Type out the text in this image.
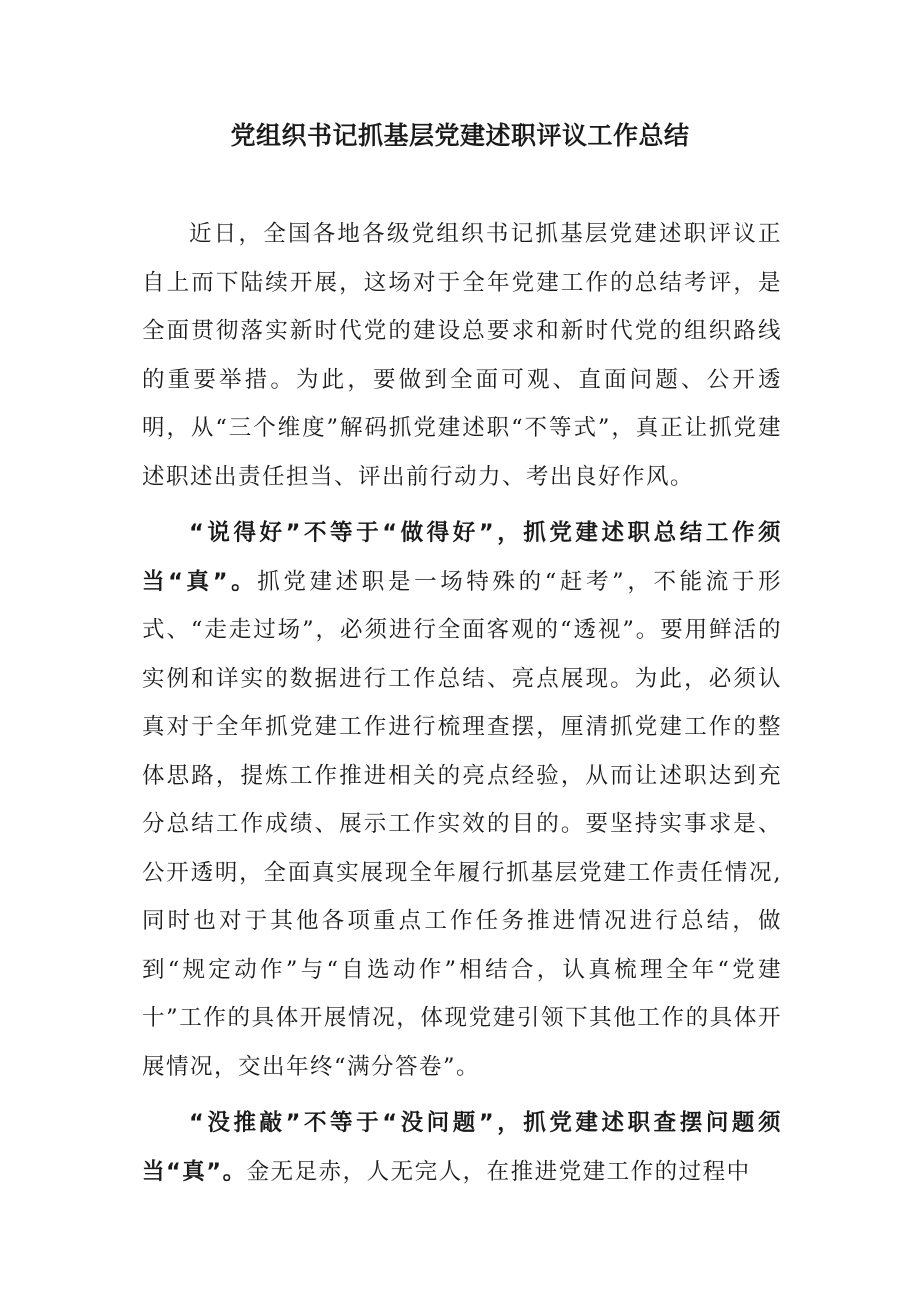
党组织书记抓基层党建述职评议工作总结

近日，全国各地各级党组织书记抓基层党建述职评议正自上而下陆续开展，这场对于全年党建工作的总结考评，是全面贯彻落实新时代党的建设总要求和新时代党的组织路线的重要举措。为此，要做到全面可观、直面问题、公开透明，从“三个维度”解码抓党建述职“不等式”，真正让抓党建述职述出责任担当、评出前行动力、考出良好作风。

“说得好”不等于“做得好”，抓党建述职总结工作须当“真”。抓党建述职是一场特殊的“赶考”，不能流于形式、“走走过场”，必须进行全面客观的“透视”。要用鲜活的实例和详实的数据进行工作总结、亮点展现。为此，必须认真对于全年抓党建工作进行梳理查摆，厘清抓党建工作的整体思路，提炼工作推进相关的亮点经验，从而让述职达到充分总结工作成绩、展示工作实效的目的。要坚持实事求是、公开透明，全面真实展现全年履行抓基层党建工作责任情况,同时也对于其他各项重点工作任务推进情况进行总结，做到“规定动作”与“自选动作”相结合，认真梳理全年“党建十”工作的具体开展情况，体现党建引领下其他工作的具体开展情况，交出年终“满分答卷”。

“没推敲”不等于“没问题”，抓党建述职查摆问题须当“真”。金无足赤，人无完人，在推进党建工作的过程中
